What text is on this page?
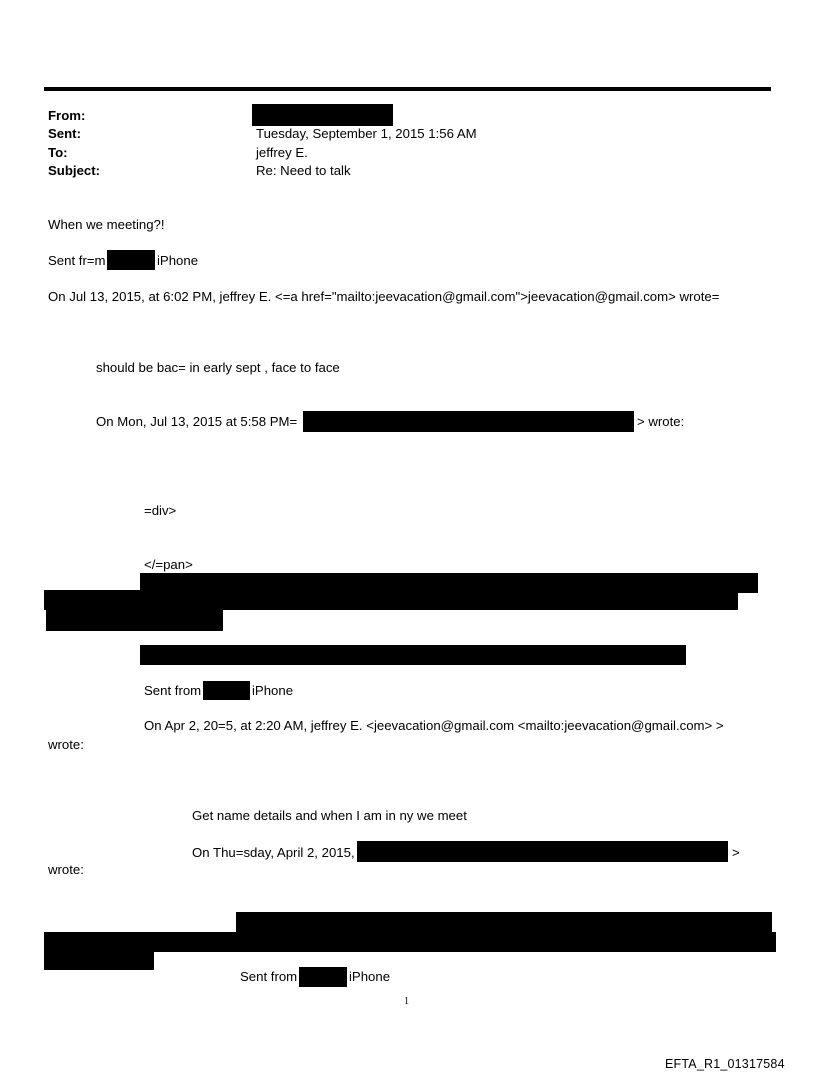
From:
Sent:	Tuesday, September 1, 2015 1:56 AM
To:	jeffrey E.
Subject:	Re: Need to talk
When we meeting?!
Sent fr=m	iPhone
On Jul 13, 2015, at 6:02 PM, jeffrey E. <=a href="mailto:jeevacation@gmail.com">jeevacation@gmail.com> wrote=
should be bac= in early sept , face to face
On Mon, Jul 13, 2015 at 5:58 PM=	> wrote:
=div>
</=pan>
Sent from	iPhone
On Apr 2, 20=5, at 2:20 AM, jeffrey E. <jeevacation@gmail.com <mailto:jeevacation@gmail.com> >
wrote:
Get name details and when I am in ny we meet
On Thu=sday, April 2, 2015,	>
wrote:
Sent from	iPhone
1
EFTA_R1_01317584
